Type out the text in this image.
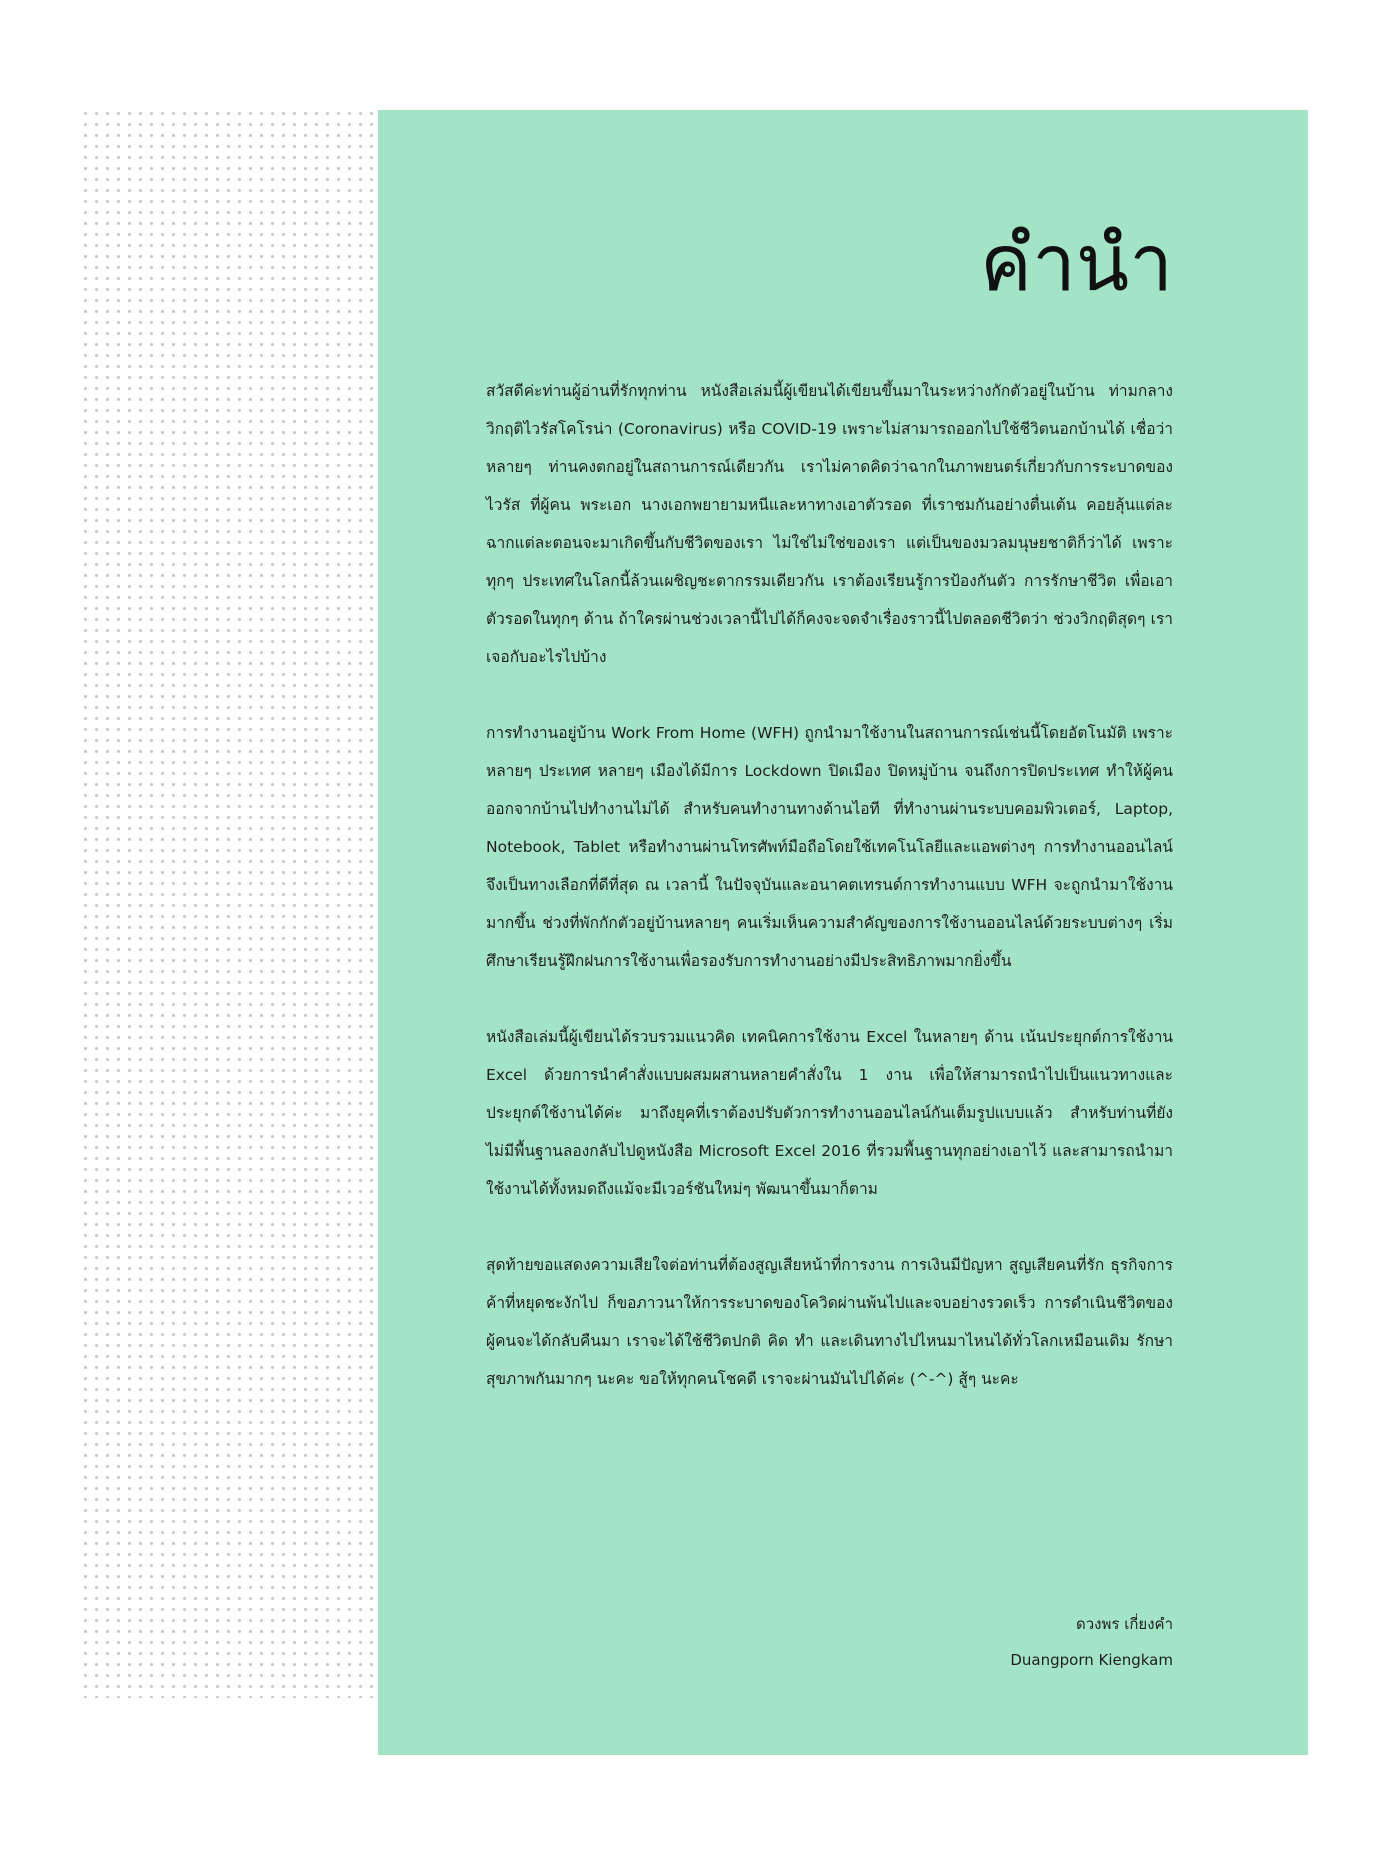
คำนำ

สวัสดีค่ะท่านผู้อ่านที่รักทุกท่าน หนังสือเล่มนี้ผู้เขียนได้เขียนขึ้นมาในระหว่างกักตัวอยู่ในบ้าน ท่ามกลางวิกฤติไวรัสโคโรน่า (Coronavirus) หรือ COVID-19 เพราะไม่สามารถออกไปใช้ชีวิตนอกบ้านได้ เชื่อว่าหลายๆ ท่านคงตกอยู่ในสถานการณ์เดียวกัน เราไม่คาดคิดว่าฉากในภาพยนตร์เกี่ยวกับการระบาดของไวรัส ที่ผู้คน พระเอก นางเอกพยายามหนีและหาทางเอาตัวรอด ที่เราชมกันอย่างตื่นเต้น คอยลุ้นแต่ละฉากแต่ละตอนจะมาเกิดขึ้นกับชีวิตของเรา ไม่ใช่ไม่ใช่ของเรา แต่เป็นของมวลมนุษยชาติก็ว่าได้ เพราะทุกๆ ประเทศในโลกนี้ล้วนเผชิญชะตากรรมเดียวกัน เราต้องเรียนรู้การป้องกันตัว การรักษาชีวิต เพื่อเอาตัวรอดในทุกๆ ด้าน ถ้าใครผ่านช่วงเวลานี้ไปได้ก็คงจะจดจำเรื่องราวนี้ไปตลอดชีวิตว่า ช่วงวิกฤติสุดๆ เราเจอกับอะไรไปบ้าง

การทำงานอยู่บ้าน Work From Home (WFH) ถูกนำมาใช้งานในสถานการณ์เช่นนี้โดยอัตโนมัติ เพราะหลายๆ ประเทศ หลายๆ เมืองได้มีการ Lockdown ปิดเมือง ปิดหมู่บ้าน จนถึงการปิดประเทศ ทำให้ผู้คนออกจากบ้านไปทำงานไม่ได้ สำหรับคนทำงานทางด้านไอที ที่ทำงานผ่านระบบคอมพิวเตอร์, Laptop, Notebook, Tablet หรือทำงานผ่านโทรศัพท์มือถือโดยใช้เทคโนโลยีและแอพต่างๆ การทำงานออนไลน์จึงเป็นทางเลือกที่ดีที่สุด ณ เวลานี้ ในปัจจุบันและอนาคตเทรนด์การทำงานแบบ WFH จะถูกนำมาใช้งานมากขึ้น ช่วงที่พักกักตัวอยู่บ้านหลายๆ คนเริ่มเห็นความสำคัญของการใช้งานออนไลน์ด้วยระบบต่างๆ เริ่มศึกษาเรียนรู้ฝึกฝนการใช้งานเพื่อรองรับการทำงานอย่างมีประสิทธิภาพมากยิ่งขึ้น

หนังสือเล่มนี้ผู้เขียนได้รวบรวมแนวคิด เทคนิคการใช้งาน Excel ในหลายๆ ด้าน เน้นประยุกต์การใช้งาน Excel ด้วยการนำคำสั่งแบบผสมผสานหลายคำสั่งใน 1 งาน เพื่อให้สามารถนำไปเป็นแนวทางและประยุกต์ใช้งานได้ค่ะ มาถึงยุคที่เราต้องปรับตัวการทำงานออนไลน์กันเต็มรูปแบบแล้ว สำหรับท่านที่ยังไม่มีพื้นฐานลองกลับไปดูหนังสือ Microsoft Excel 2016 ที่รวมพื้นฐานทุกอย่างเอาไว้ และสามารถนำมาใช้งานได้ทั้งหมดถึงแม้จะมีเวอร์ชันใหม่ๆ พัฒนาขึ้นมาก็ตาม

สุดท้ายขอแสดงความเสียใจต่อท่านที่ต้องสูญเสียหน้าที่การงาน การเงินมีปัญหา สูญเสียคนที่รัก ธุรกิจการค้าที่หยุดชะงักไป ก็ขอภาวนาให้การระบาดของโควิดผ่านพ้นไปและจบอย่างรวดเร็ว การดำเนินชีวิตของผู้คนจะได้กลับคืนมา เราจะได้ใช้ชีวิตปกติ คิด ทำ และเดินทางไปไหนมาไหนได้ทั่วโลกเหมือนเดิม รักษาสุขภาพกันมากๆ นะคะ ขอให้ทุกคนโชคดี เราจะผ่านมันไปได้ค่ะ (^-^) สู้ๆ นะคะ

ดวงพร เกี่ยงคำ
Duangporn Kiengkam
